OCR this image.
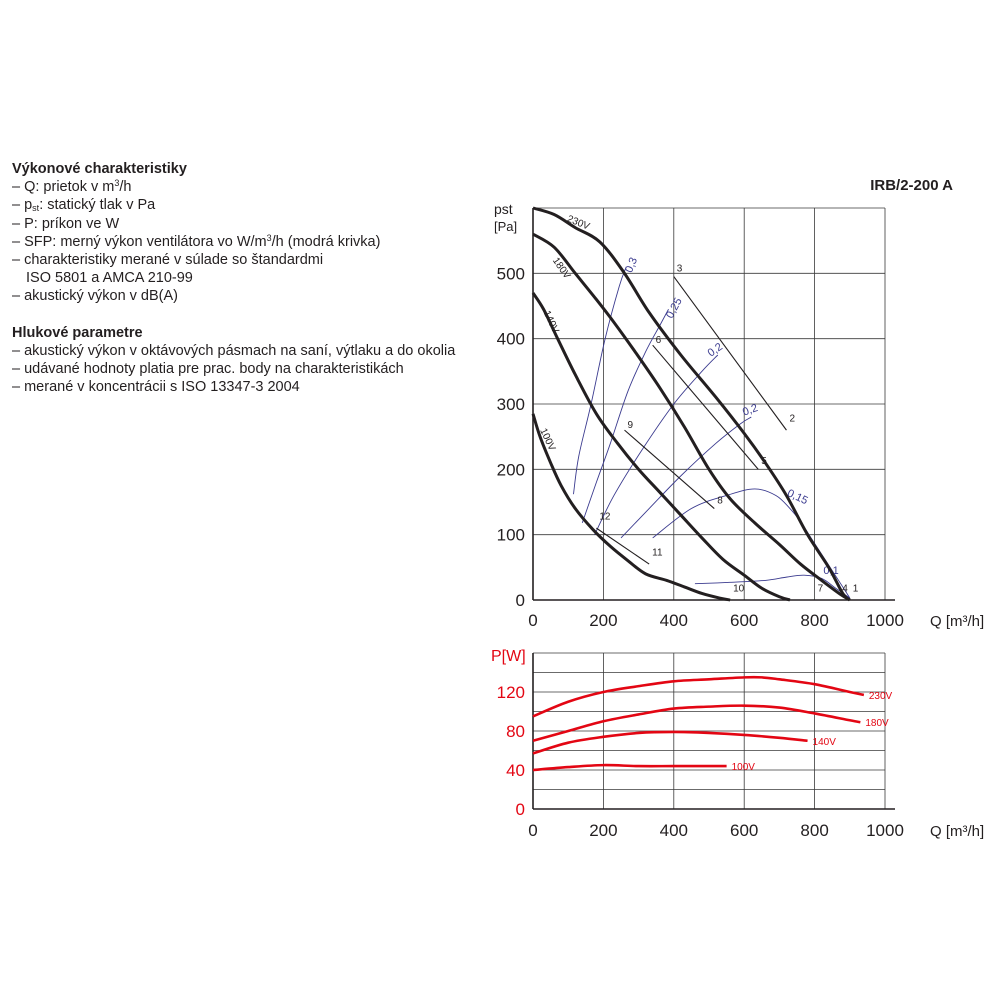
Výkonové charakteristiky
– Q: prietok v $m^3/h$
– $p_{st}$: statický tlak v Pa
– P: príkon ve W
– SFP: merný výkon ventilátora vo $W/m^3/h$ (modrá krivka)
– charakteristiky merané v súlade so štandardmi
ISO 5801 a AMCA 210-99
– akustický výkon v dB(A)
Hlukové parametre
– akustický výkon v oktávových pásmach na saní, výtlaku a do okolia
– udávané hodnoty platia pre prac. body na charakteristikách
– merané v koncentrácii s ISO 13347-3 2004
0	200 400 600 800 1000
0
100
200
300
400
500
pst
[Pa]
Q [m³/h]
IRB/2-200 A
0,3
0,25
0,2
0,2
0,15
0,1
230V
180V
140V
100V
1
2
3
4
5
6
7
8
9
10
11
12
0	200 400 600 800 1000
0
40
80
120
P[W]
Q [m³/h]
230V
180V
140V
100V
